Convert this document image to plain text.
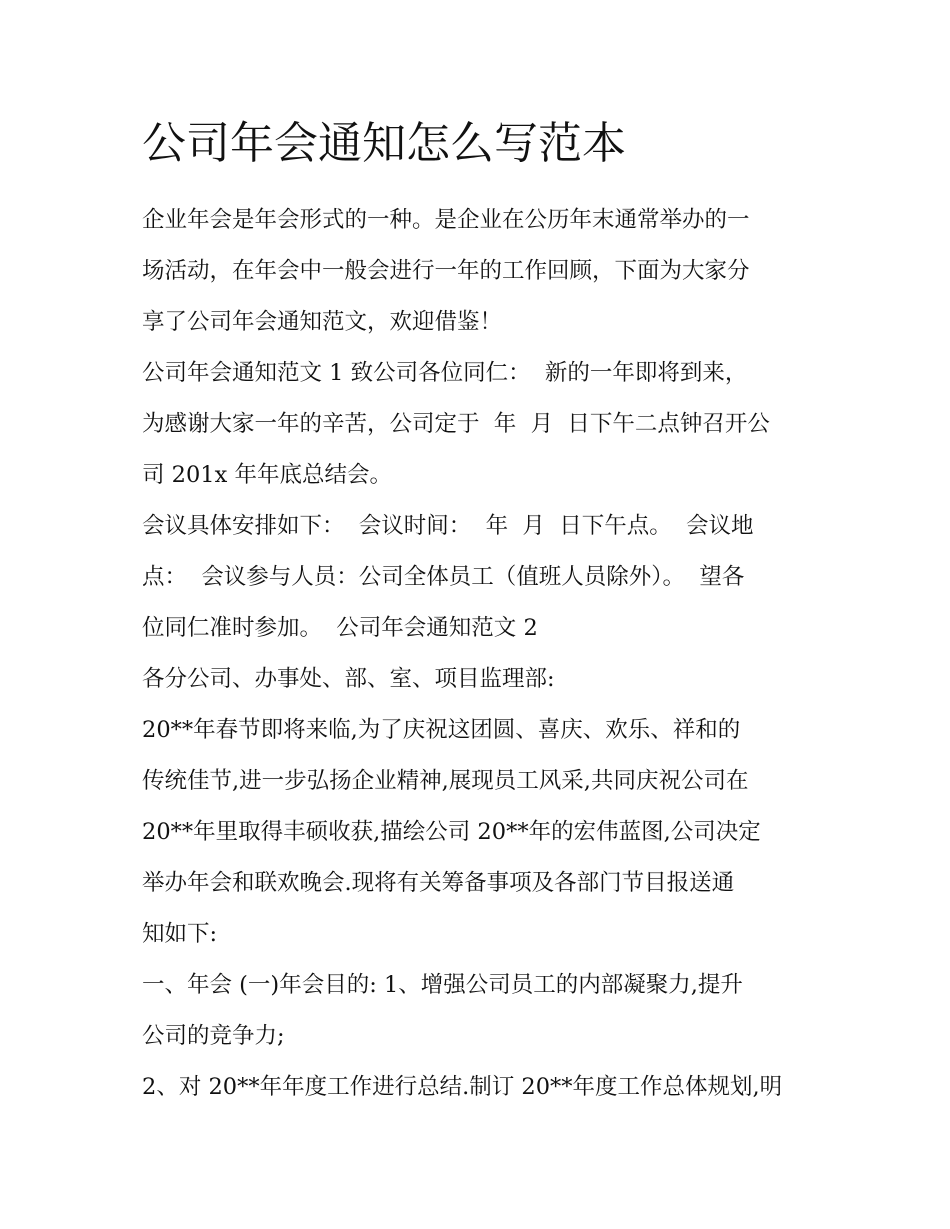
公司年会通知怎么写范本

企业年会是年会形式的一种。是企业在公历年末通常举办的一

场活动，在年会中一般会进行一年的工作回顾，下面为大家分

享了公司年会通知范文，欢迎借鉴！

公司年会通知范文 1 致公司各位同仁：  新的一年即将到来，

为感谢大家一年的辛苦，公司定于  年  月  日下午二点钟召开公

司 201x 年年底总结会。

会议具体安排如下：  会议时间：  年  月  日下午点。  会议地

点：  会议参与人员：公司全体员工（值班人员除外）。  望各

位同仁准时参加。  公司年会通知范文 2

各分公司、办事处、部、室、项目监理部:

20**年春节即将来临,为了庆祝这团圆、喜庆、欢乐、祥和的

传统佳节,进一步弘扬企业精神,展现员工风采,共同庆祝公司在

20**年里取得丰硕收获,描绘公司 20**年的宏伟蓝图,公司决定

举办年会和联欢晚会.现将有关筹备事项及各部门节目报送通

知如下:

一、年会 (一)年会目的: 1、增强公司员工的内部凝聚力,提升

公司的竞争力;

2、对 20**年年度工作进行总结.制订 20**年度工作总体规划,明
